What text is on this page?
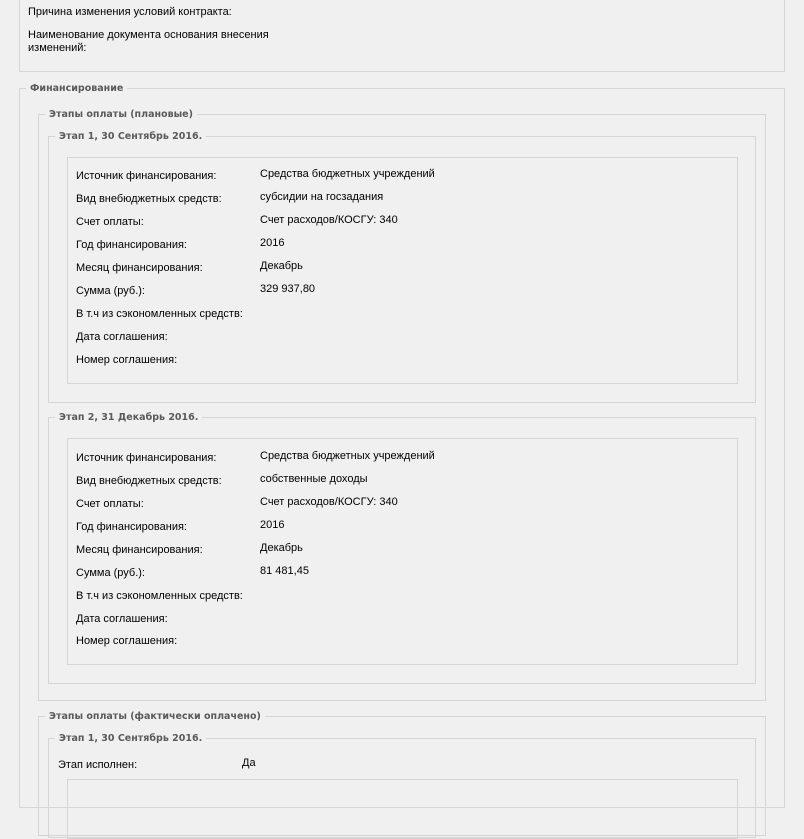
Причина изменения условий контракта:
Наименование документа основания внесения
изменений:
Финансирование
Этапы оплаты (плановые)
Этап 1, 30 Сентябрь 2016.
Источник финансирования:	Средства бюджетных учреждений
Вид внебюджетных средств:	субсидии на госзадания
Счет оплаты:	Счет расходов/КОСГУ: 340
Год финансирования:	2016
Месяц финансирования:	Декабрь
Сумма (руб.):	329 937,80
В т.ч из сэкономленных средств:
Дата соглашения:
Номер соглашения:
Этап 2, 31 Декабрь 2016.
Источник финансирования:	Средства бюджетных учреждений
Вид внебюджетных средств:	собственные доходы
Счет оплаты:	Счет расходов/КОСГУ: 340
Год финансирования:	2016
Месяц финансирования:	Декабрь
Сумма (руб.):	81 481,45
В т.ч из сэкономленных средств:
Дата соглашения:
Номер соглашения:
Этапы оплаты (фактически оплачено)
Этап 1, 30 Сентябрь 2016.
Этап исполнен:	Да
